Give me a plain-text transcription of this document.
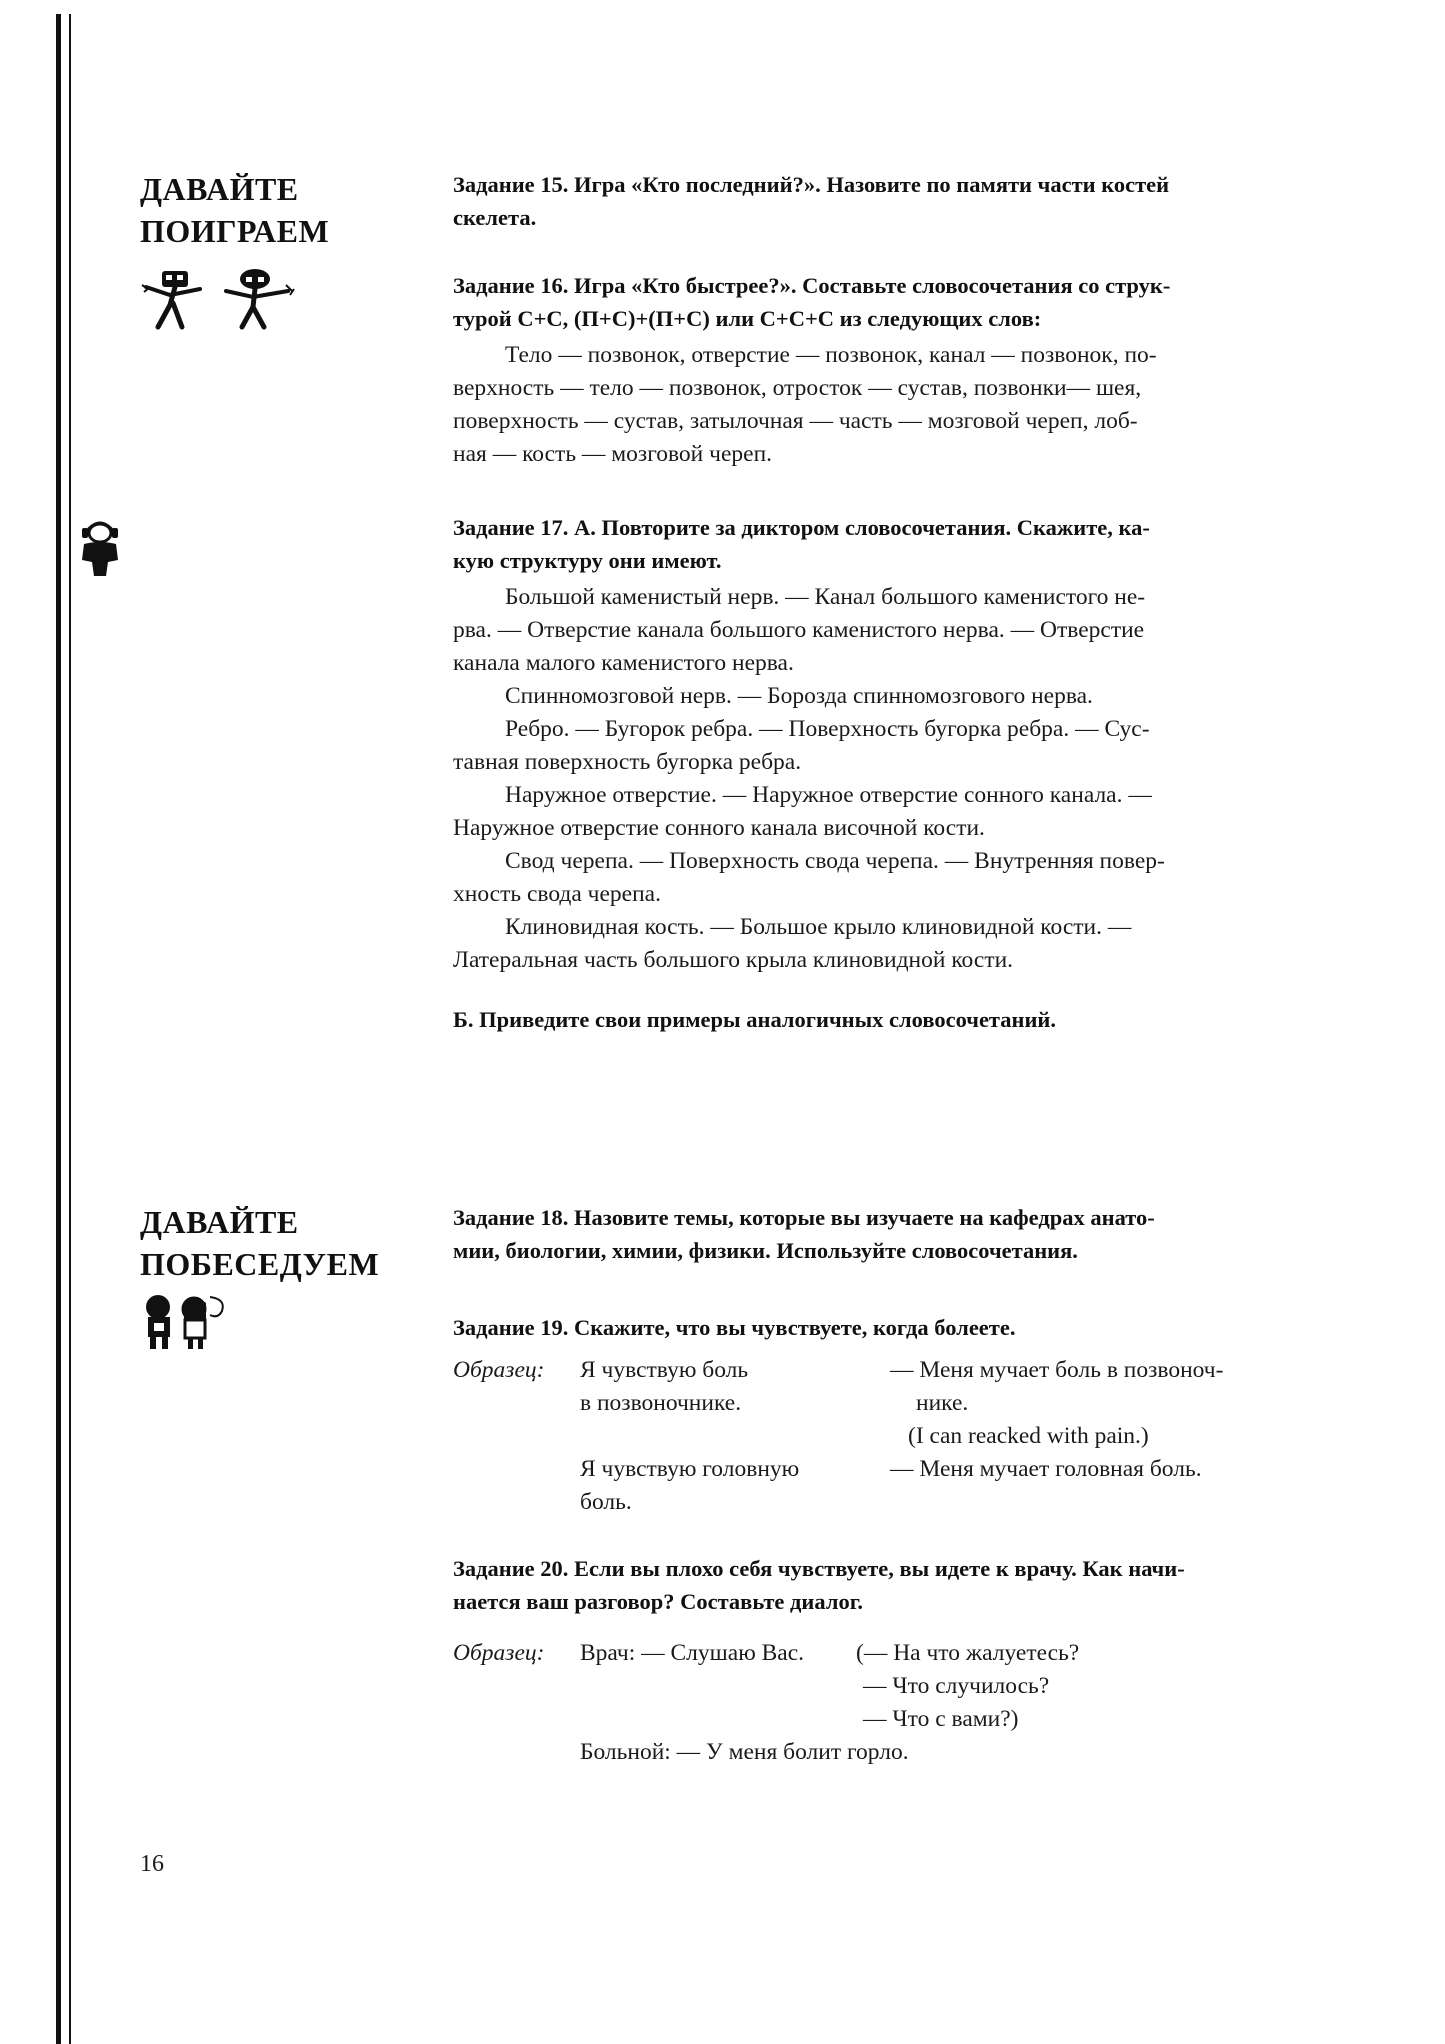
ДАВАЙТЕ
ПОИГРАЕМ
ДАВАЙТЕ
ПОБЕСЕДУЕМ
Задание 15. Игра «Кто последний?». Назовите по памяти части костей
скелета.
Задание 16. Игра «Кто быстрее?». Составьте словосочетания со струк-
турой С+С, (П+С)+(П+С) или С+С+С из следующих слов:
Тело — позвонок, отверстие — позвонок, канал — позвонок, по-
верхность — тело — позвонок, отросток — сустав, позвонки— шея,
поверхность — сустав, затылочная — часть — мозговой череп, лоб-
ная — кость — мозговой череп.
Задание 17. А. Повторите за диктором словосочетания. Скажите, ка-
кую структуру они имеют.
Большой каменистый нерв. — Канал большого каменистого не-
рва. — Отверстие канала большого каменистого нерва. — Отверстие
канала малого каменистого нерва.
Спинномозговой нерв. — Борозда спинномозгового нерва.
Ребро. — Бугорок ребра. — Поверхность бугорка ребра. — Сус-
тавная поверхность бугорка ребра.
Наружное отверстие. — Наружное отверстие сонного канала. —
Наружное отверстие сонного канала височной кости.
Свод черепа. — Поверхность свода черепа. — Внутренняя повер-
хность свода черепа.
Клиновидная кость. — Большое крыло клиновидной кости. —
Латеральная часть большого крыла клиновидной кости.
Б. Приведите свои примеры аналогичных словосочетаний.
Задание 18. Назовите темы, которые вы изучаете на кафедрах анато-
мии, биологии, химии, физики. Используйте словосочетания.
Задание 19. Скажите, что вы чувствуете, когда болеете.
Образец: Я чувствую боль
в позвоночнике.
Я чувствую головную
боль.
— Меня мучает боль в позвоноч-
нике.
(I can reacked with pain.)
— Меня мучает головная боль.
Задание 20. Если вы плохо себя чувствуете, вы идете к врачу. Как начи-
нается ваш разговор? Составьте диалог.
Образец: Врач: — Слушаю Вас. (— На что жалуетесь?
— Что случилось?
— Что с вами?)
Больной: — У меня болит горло.
16
